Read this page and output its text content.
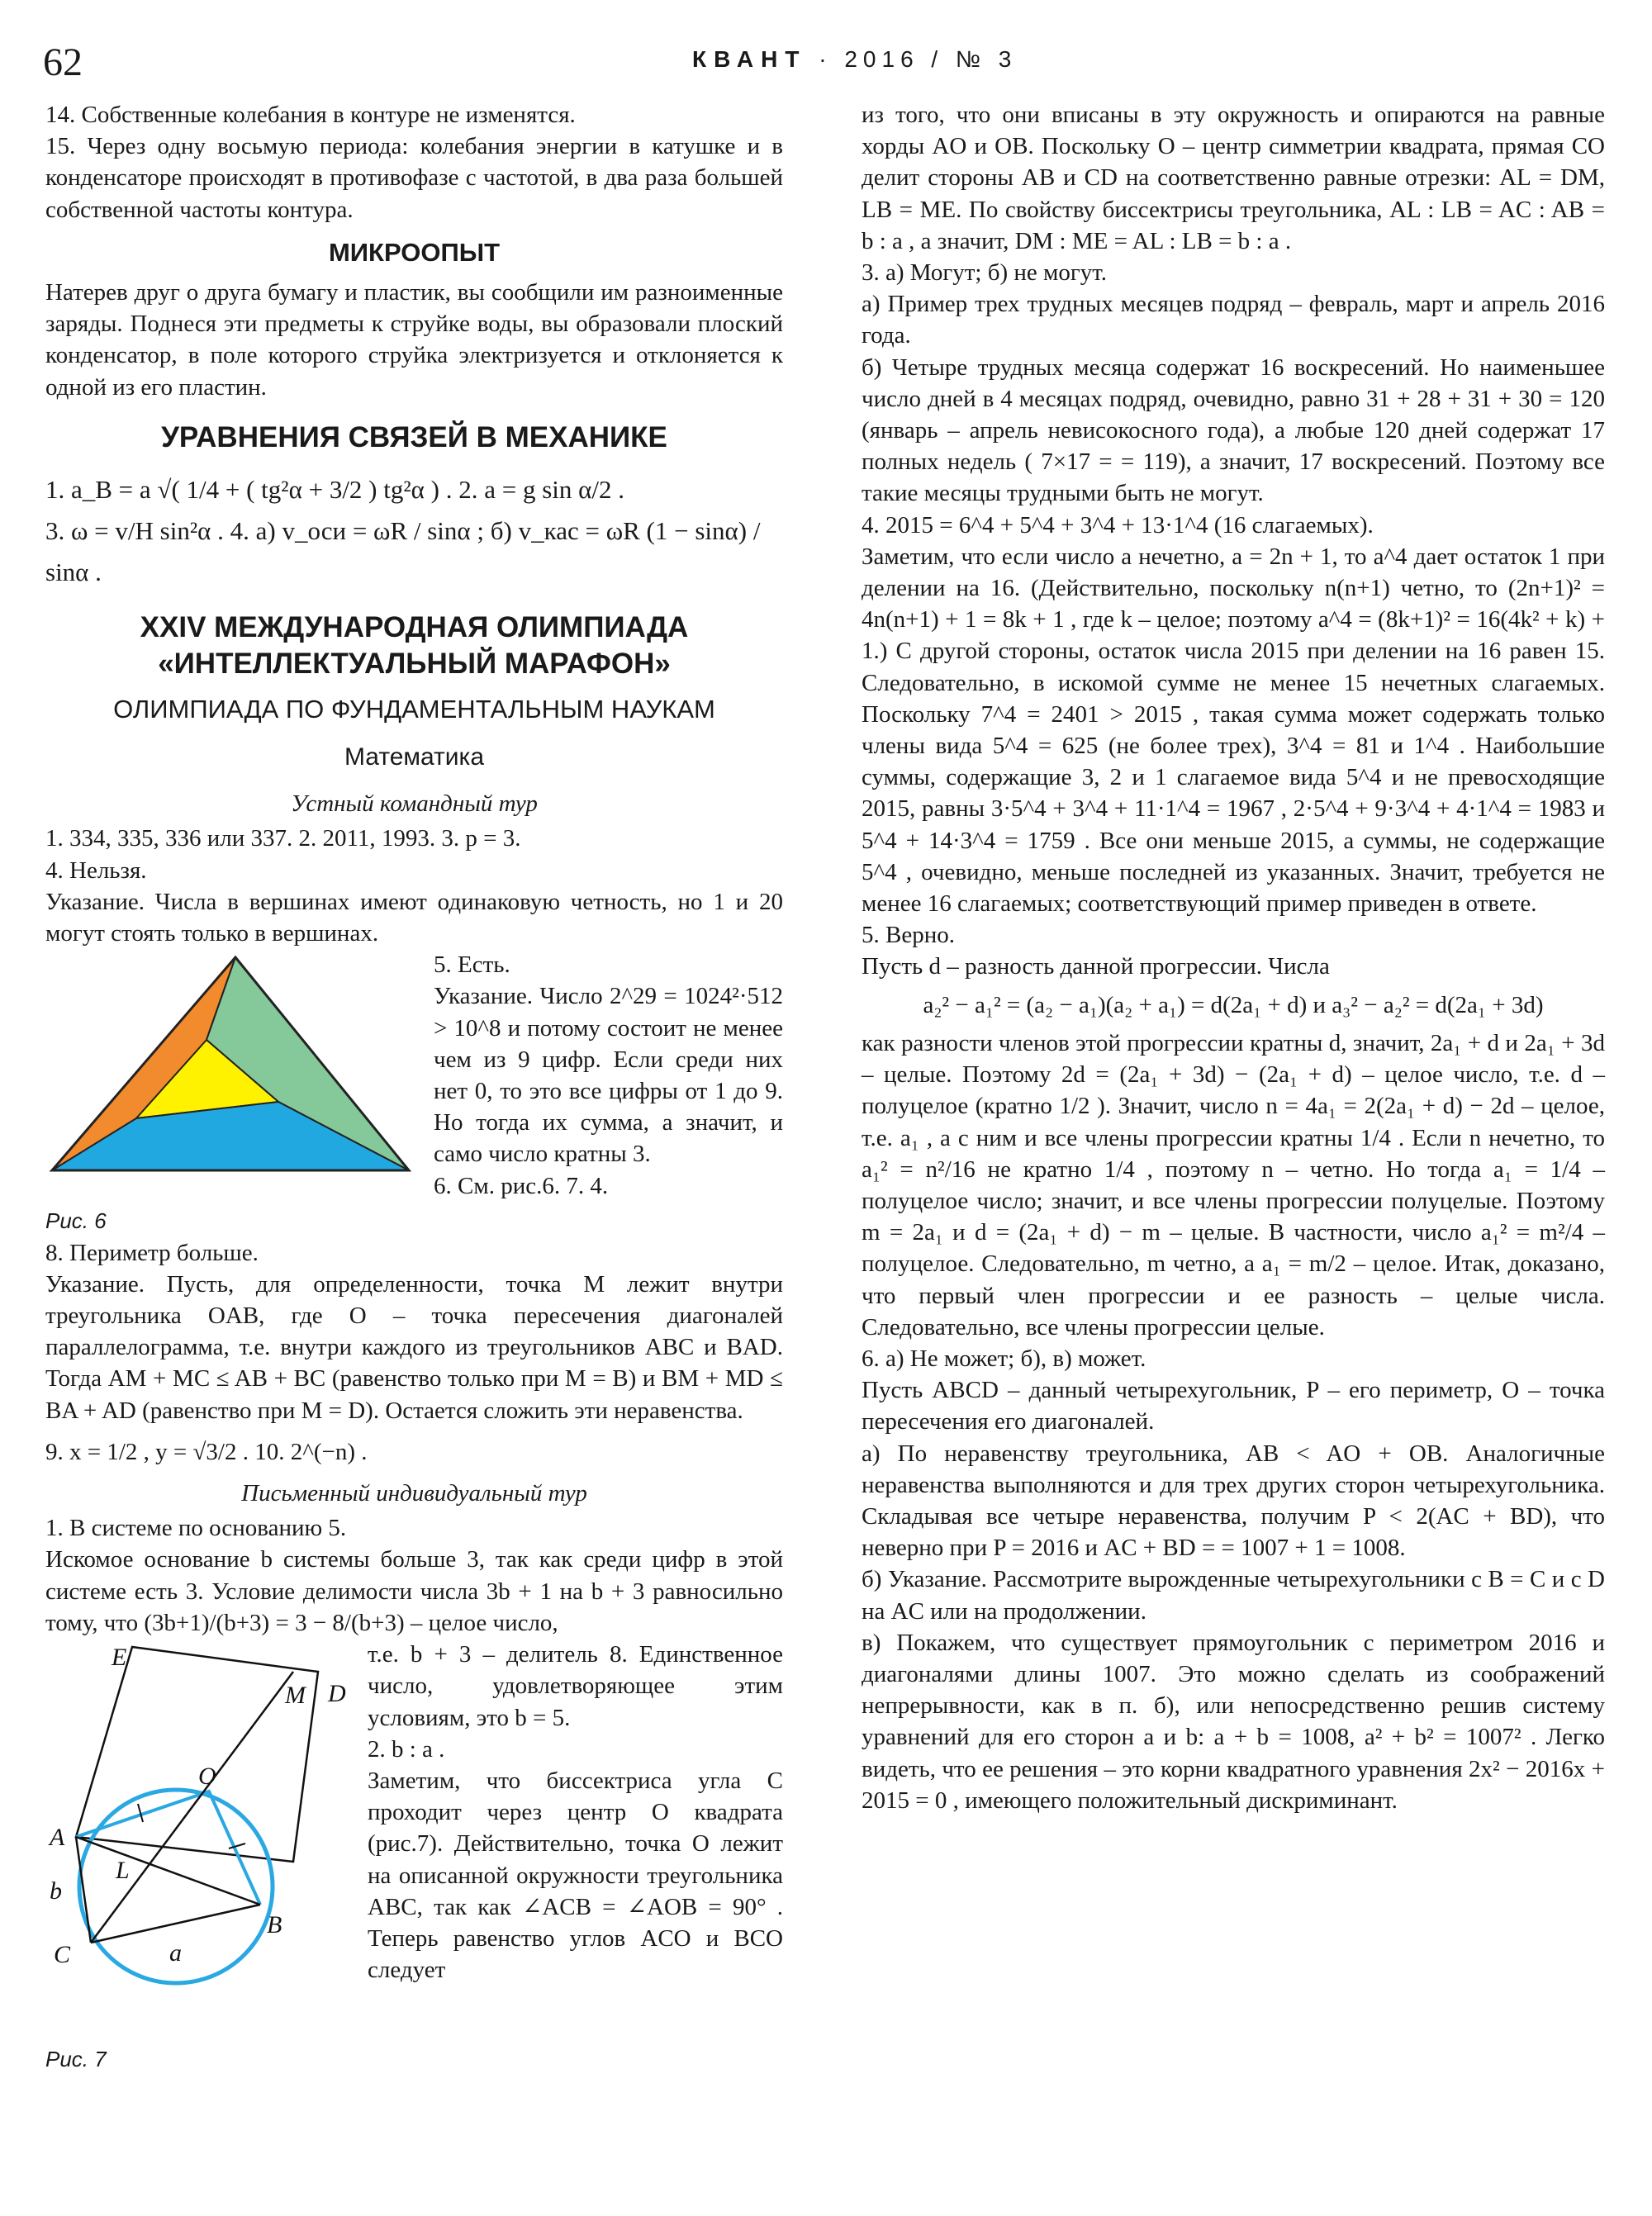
62	КВАНТ · 2016 / № 3

14. Собственные колебания в контуре не изменятся.

15. Через одну восьмую периода: колебания энергии в катушке и в конденсаторе происходят в противофазе с частотой, в два раза большей собственной частоты контура.

МИКРООПЫТ

Натерев друг о друга бумагу и пластик, вы сообщили им разноименные заряды. Поднеся эти предметы к струйке воды, вы образовали плоский конденсатор, в поле которого струйка электризуется и отклоняется к одной из его пластин.

УРАВНЕНИЯ СВЯЗЕЙ В МЕХАНИКЕ
1. a_B = a √( 1/4 + ( tg²α + 3/2 ) tg²α ) . 2. a = g sin α/2 .
3. ω = v/H sin²α . 4. а) v_оси = ωR / sinα ; б) v_кас = ωR (1 − sinα) / sinα .
XXIV МЕЖДУНАРОДНАЯ ОЛИМПИАДА
«ИНТЕЛЛЕКТУАЛЬНЫЙ МАРАФОН»
ОЛИМПИАДА ПО ФУНДАМЕНТАЛЬНЫМ НАУКАМ
Математика
Устный командный тур

1. 334, 335, 336 или 337. 2. 2011, 1993. 3. p = 3.

4. Нельзя.

Указание. Числа в вершинах имеют одинаковую четность, но 1 и 20 могут стоять только в вершинах.

Рис. 6

5. Есть.

Указание. Число 2^29 = 1024²·512 > 10^8 и потому состоит не менее чем из 9 цифр. Если среди них нет 0, то это все цифры от 1 до 9. Но тогда их сумма, а значит, и само число кратны 3.

6. См. рис.6. 7. 4.

8. Периметр больше.

Указание. Пусть, для определенности, точка M лежит внутри треугольника OAB, где O – точка пересечения диагоналей параллелограмма, т.е. внутри каждого из треугольников ABC и BAD. Тогда AM + MC ≤ AB + BC (равенство только при M = B) и BM + MD ≤ BA + AD (равенство при M = D). Остается сложить эти неравенства.

9. x = 1/2 , y = √3/2 . 10. 2^(−n) .

Письменный индивидуальный тур

1. В системе по основанию 5.

Искомое основание b системы больше 3, так как среди цифр в этой системе есть 3. Условие делимости числа 3b + 1 на b + 3 равносильно тому, что (3b+1)/(b+3) = 3 − 8/(b+3) – целое число,

E
M D
O
A
L
b
C	a
B
Рис. 7

т.е. b + 3 – делитель 8. Единственное число, удовлетворяющее этим условиям, это b = 5.

2. b : a .

Заметим, что биссектриса угла C проходит через центр O квадрата (рис.7). Действительно, точка O лежит на описанной окружности треугольника ABC, так как ∠ACB = ∠AOB = 90° . Теперь равенство углов ACO и BCO следует

из того, что они вписаны в эту окружность и опираются на равные хорды AO и OB. Поскольку O – центр симметрии квадрата, прямая CO делит стороны AB и CD на соответственно равные отрезки: AL = DM, LB = ME. По свойству биссектрисы треугольника, AL : LB = AC : AB = b : a , а значит, DM : ME = AL : LB = b : a .

3. а) Могут; б) не могут.

а) Пример трех трудных месяцев подряд – февраль, март и апрель 2016 года.

б) Четыре трудных месяца содержат 16 воскресений. Но наименьшее число дней в 4 месяцах подряд, очевидно, равно 31 + 28 + 31 + 30 = 120 (январь – апрель невисокосного года), а любые 120 дней содержат 17 полных недель ( 7×17 = = 119), а значит, 17 воскресений. Поэтому все такие месяцы трудными быть не могут.

4. 2015 = 6^4 + 5^4 + 3^4 + 13·1^4 (16 слагаемых).

Заметим, что если число a нечетно, a = 2n + 1, то a^4 дает остаток 1 при делении на 16. (Действительно, поскольку n(n+1) четно, то (2n+1)² = 4n(n+1) + 1 = 8k + 1 , где k – целое; поэтому a^4 = (8k+1)² = 16(4k² + k) + 1.) С другой стороны, остаток числа 2015 при делении на 16 равен 15. Следовательно, в искомой сумме не менее 15 нечетных слагаемых. Поскольку 7^4 = 2401 > 2015 , такая сумма может содержать только члены вида 5^4 = 625 (не более трех), 3^4 = 81 и 1^4 . Наибольшие суммы, содержащие 3, 2 и 1 слагаемое вида 5^4 и не превосходящие 2015, равны 3·5^4 + 3^4 + 11·1^4 = 1967 , 2·5^4 + 9·3^4 + 4·1^4 = 1983 и 5^4 + 14·3^4 = 1759 . Все они меньше 2015, а суммы, не содержащие 5^4 , очевидно, меньше последней из указанных. Значит, требуется не менее 16 слагаемых; соответствующий пример приведен в ответе.

5. Верно.

Пусть d – разность данной прогрессии. Числа

a₂² − a₁² = (a₂ − a₁)(a₂ + a₁) = d(2a₁ + d) и a₃² − a₂² = d(2a₁ + 3d)

как разности членов этой прогрессии кратны d, значит, 2a₁ + d и 2a₁ + 3d – целые. Поэтому 2d = (2a₁ + 3d) − (2a₁ + d) – целое число, т.е. d – полуцелое (кратно 1/2 ). Значит, число n = 4a₁ = 2(2a₁ + d) − 2d – целое, т.е. a₁ , а с ним и все члены прогрессии кратны 1/4 . Если n нечетно, то a₁² = n²/16 не кратно 1/4 , поэтому n – четно. Но тогда a₁ = 1/4 – полуцелое число; значит, и все члены прогрессии полуцелые. Поэтому m = 2a₁ и d = (2a₁ + d) − m – целые. В частности, число a₁² = m²/4 – полуцелое. Следовательно, m четно, а a₁ = m/2 – целое. Итак, доказано, что первый член прогрессии и ее разность – целые числа. Следовательно, все члены прогрессии целые.

6. а) Не может; б), в) может.

Пусть ABCD – данный четырехугольник, P – его периметр, O – точка пересечения его диагоналей.

а) По неравенству треугольника, AB < AO + OB. Аналогичные неравенства выполняются и для трех других сторон четырехугольника. Складывая все четыре неравенства, получим P < 2(AC + BD), что неверно при P = 2016 и AC + BD = = 1007 + 1 = 1008.

б) Указание. Рассмотрите вырожденные четырехугольники с B = C и с D на AC или на продолжении.

в) Покажем, что существует прямоугольник с периметром 2016 и диагоналями длины 1007. Это можно сделать из соображений непрерывности, как в п. б), или непосредственно решив систему уравнений для его сторон a и b: a + b = 1008, a² + b² = 1007² . Легко видеть, что ее решения – это корни квадратного уравнения 2x² − 2016x + 2015 = 0 , имеющего положительный дискриминант.
